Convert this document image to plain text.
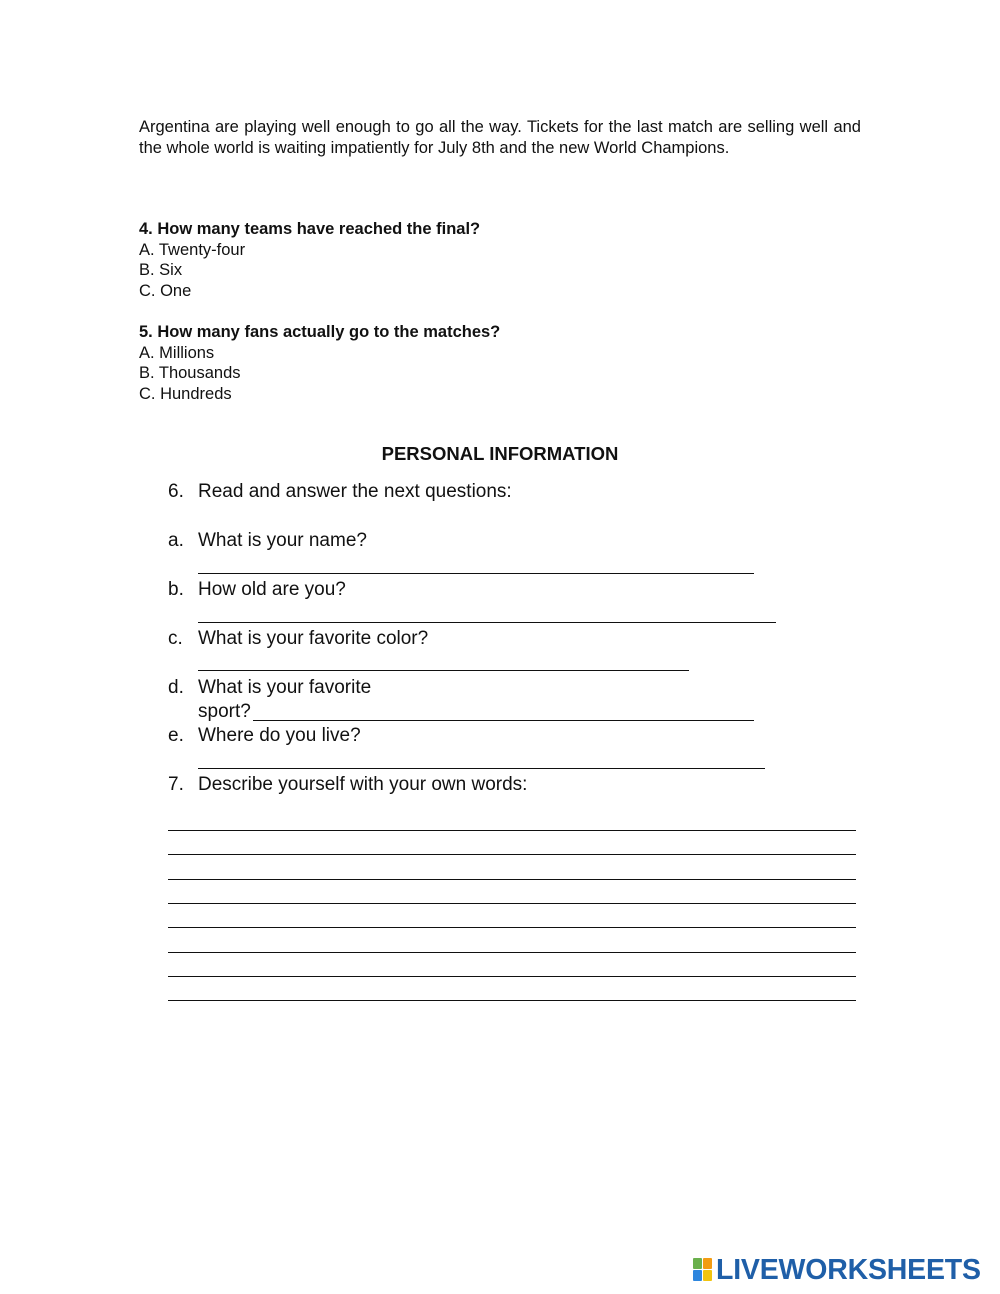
Argentina are playing well enough to go all the way. Tickets for the last match are selling well and the whole world is waiting impatiently for July 8th and the new World Champions.
4. How many teams have reached the final?
A. Twenty-four
B. Six
C. One
5. How many fans actually go to the matches?
A. Millions
B. Thousands
C. Hundreds
PERSONAL INFORMATION
6. Read and answer the next questions:
a. What is your name?
b. How old are you?
c. What is your favorite color?
d. What is your favorite
sport?
e. Where do you live?
7. Describe yourself with your own words:
LIVEWORKSHEETS
